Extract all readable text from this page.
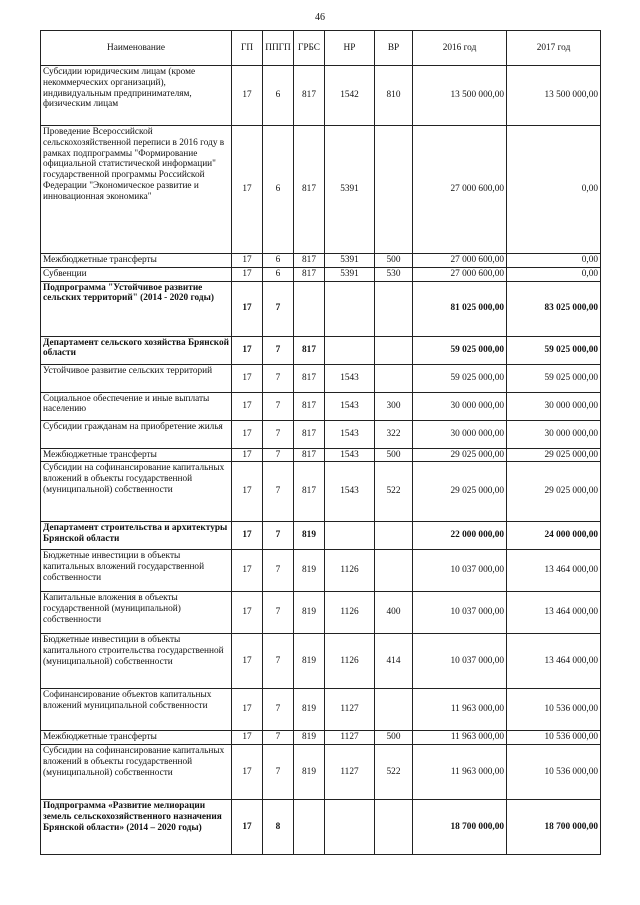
46
Наименование	ГП	ППГП	ГРБС	НР	ВР	2016 год	2017 год
Субсидии юридическим лицам (кроме некоммерческих организаций), индивидуальным предпринимателям, физическим лицам	17	6	817	1542	810	13 500 000,00	13 500 000,00
Проведение Всероссийской сельскохозяйственной переписи в 2016 году в рамках подпрограммы "Формирование официальной статистической информации" государственной программы Российской Федерации "Экономическое развитие и инновационная экономика"	17	6	817	5391		27 000 600,00	0,00
Межбюджетные трансферты	17	6	817	5391	500	27 000 600,00	0,00
Субвенции	17	6	817	5391	530	27 000 600,00	0,00
Подпрограмма "Устойчивое развитие сельских территорий" (2014 - 2020 годы)	17	7				81 025 000,00	83 025 000,00
Департамент сельского хозяйства Брянской области	17	7	817			59 025 000,00	59 025 000,00
Устойчивое развитие сельских территорий	17	7	817	1543		59 025 000,00	59 025 000,00
Социальное обеспечение и иные выплаты населению	17	7	817	1543	300	30 000 000,00	30 000 000,00
Субсидии гражданам на приобретение жилья	17	7	817	1543	322	30 000 000,00	30 000 000,00
Межбюджетные трансферты	17	7	817	1543	500	29 025 000,00	29 025 000,00
Субсидии на софинансирование капитальных вложений в объекты государственной (муниципальной) собственности	17	7	817	1543	522	29 025 000,00	29 025 000,00
Департамент строительства и архитектуры Брянской области	17	7	819			22 000 000,00	24 000 000,00
Бюджетные инвестиции в объекты капитальных вложений государственной собственности	17	7	819	1126		10 037 000,00	13 464 000,00
Капитальные вложения в объекты государственной (муниципальной) собственности	17	7	819	1126	400	10 037 000,00	13 464 000,00
Бюджетные инвестиции в объекты капитального строительства государственной (муниципальной) собственности	17	7	819	1126	414	10 037 000,00	13 464 000,00
Софинансирование объектов капитальных вложений муниципальной собственности	17	7	819	1127		11 963 000,00	10 536 000,00
Межбюджетные трансферты	17	7	819	1127	500	11 963 000,00	10 536 000,00
Субсидии на софинансирование капитальных вложений в объекты государственной (муниципальной) собственности	17	7	819	1127	522	11 963 000,00	10 536 000,00
Подпрограмма «Развитие мелиорации земель сельскохозяйственного назначения Брянской области» (2014 – 2020 годы)	17	8				18 700 000,00	18 700 000,00
